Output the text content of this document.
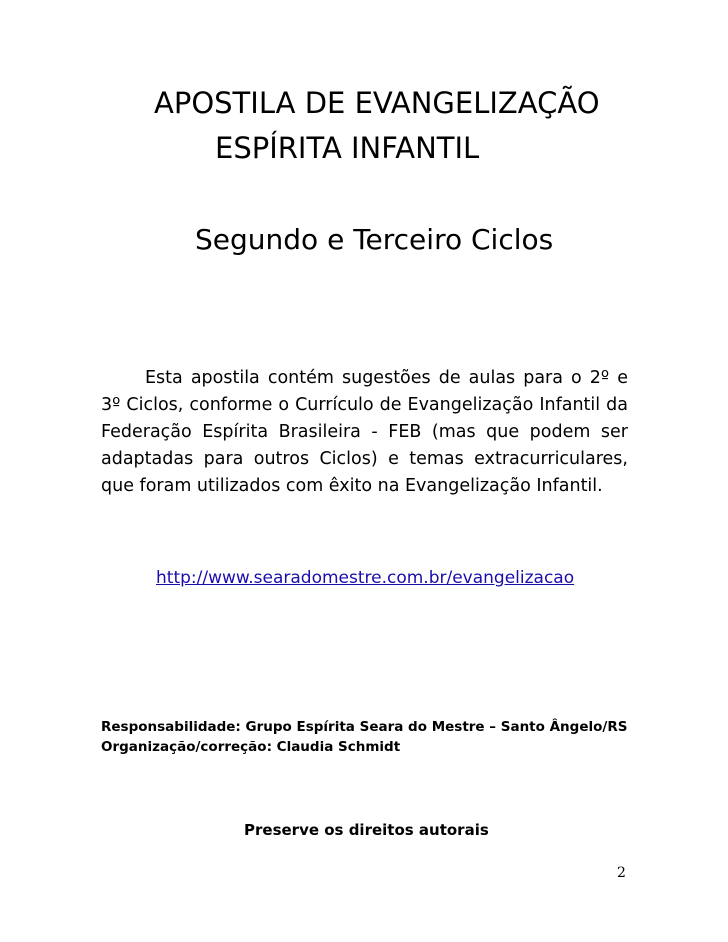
APOSTILA DE EVANGELIZAÇÃO
ESPÍRITA INFANTIL
Segundo e Terceiro Ciclos

Esta apostila contém sugestões de aulas para o 2º e 3º Ciclos, conforme o Currículo de Evangelização Infantil da Federação Espírita Brasileira - FEB (mas que podem ser adaptadas para outros Ciclos) e temas extracurriculares, que foram utilizados com êxito na Evangelização Infantil.

http://www.searadomestre.com.br/evangelizacao
Responsabilidade: Grupo Espírita Seara do Mestre – Santo Ângelo/RS
Organização/correção: Claudia Schmidt
Preserve os direitos autorais
2
